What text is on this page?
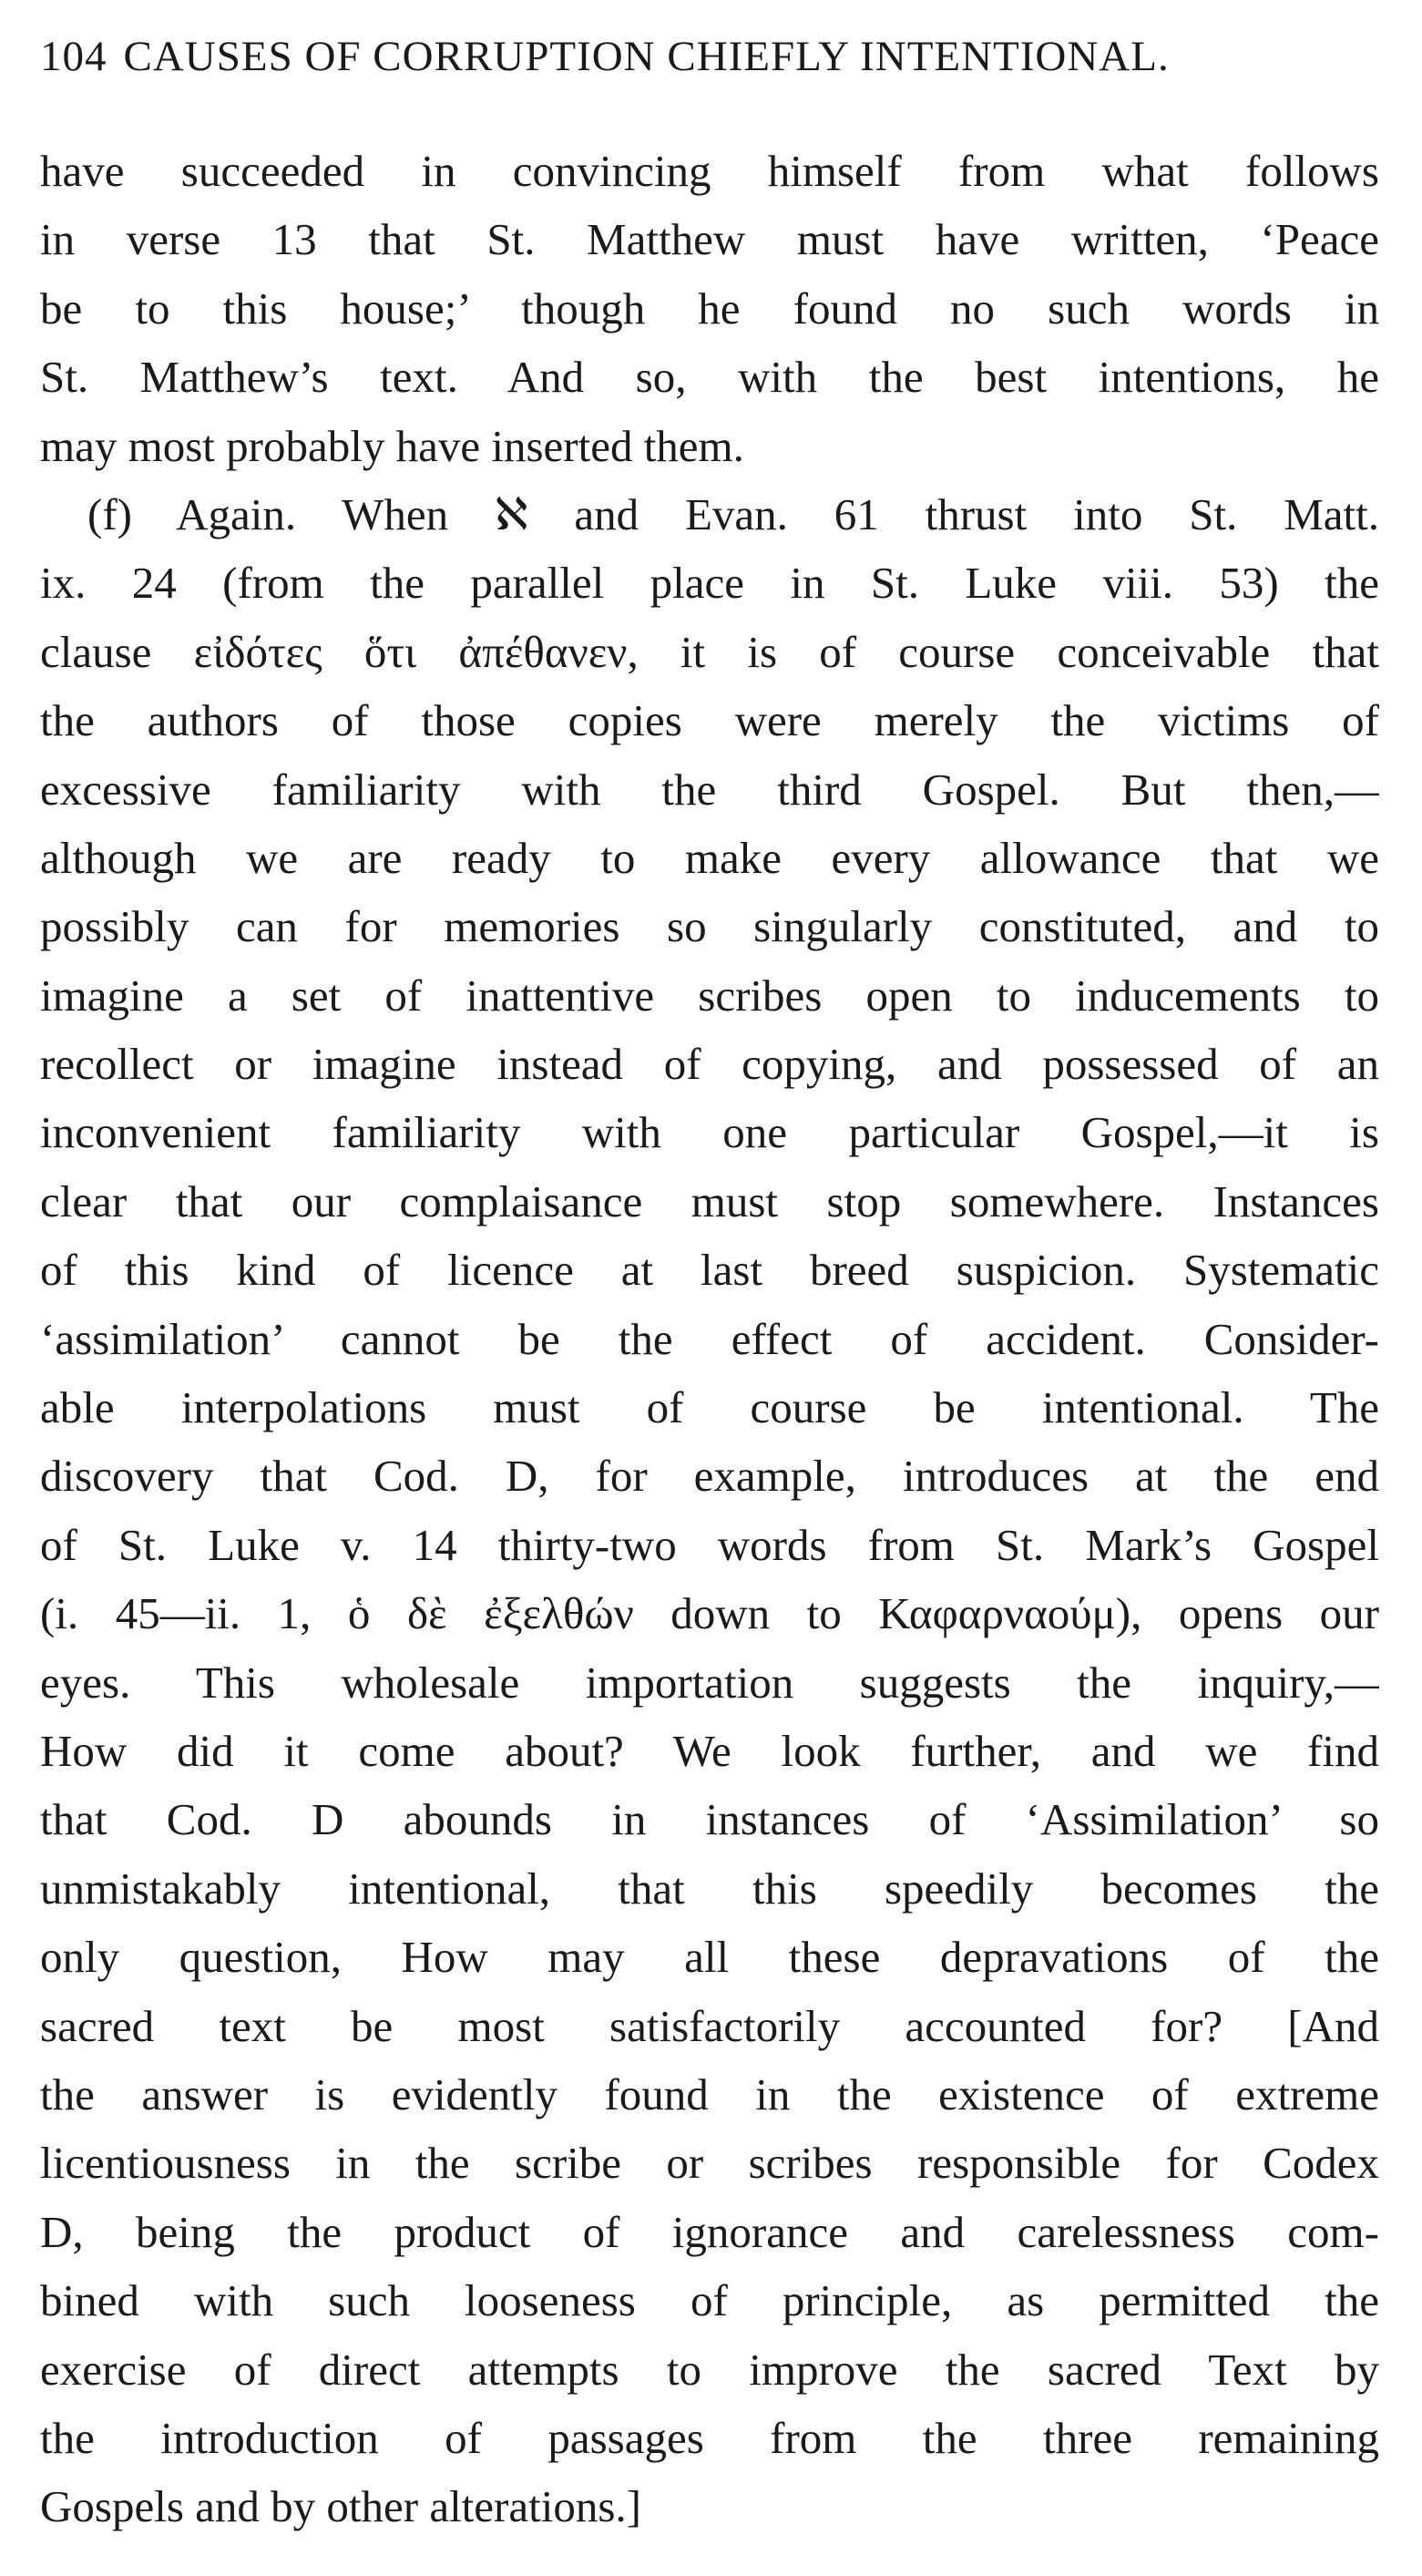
104 CAUSES OF CORRUPTION CHIEFLY INTENTIONAL.
have succeeded in convincing himself from what follows
in verse 13 that St. Matthew must have written, ‘Peace
be to this house;’ though he found no such words in
St. Matthew’s text. And so, with the best intentions, he
may most probably have inserted them.
(f) Again. When ℵ and Evan. 61 thrust into St. Matt.
ix. 24 (from the parallel place in St. Luke viii. 53) the
clause εἰδότες ὅτι ἀπέθανεν, it is of course conceivable that
the authors of those copies were merely the victims of
excessive familiarity with the third Gospel. But then,—
although we are ready to make every allowance that we
possibly can for memories so singularly constituted, and to
imagine a set of inattentive scribes open to inducements to
recollect or imagine instead of copying, and possessed of an
inconvenient familiarity with one particular Gospel,—it is
clear that our complaisance must stop somewhere. Instances
of this kind of licence at last breed suspicion. Systematic
‘assimilation’ cannot be the effect of accident. Consider-
able interpolations must of course be intentional. The
discovery that Cod. D, for example, introduces at the end
of St. Luke v. 14 thirty-two words from St. Mark’s Gospel
(i. 45—ii. 1, ὁ δὲ ἐξελθών down to Καφαρναούμ), opens our
eyes. This wholesale importation suggests the inquiry,—
How did it come about? We look further, and we find
that Cod. D abounds in instances of ‘Assimilation’ so
unmistakably intentional, that this speedily becomes the
only question, How may all these depravations of the
sacred text be most satisfactorily accounted for? [And
the answer is evidently found in the existence of extreme
licentiousness in the scribe or scribes responsible for Codex
D, being the product of ignorance and carelessness com-
bined with such looseness of principle, as permitted the
exercise of direct attempts to improve the sacred Text by
the introduction of passages from the three remaining
Gospels and by other alterations.]
